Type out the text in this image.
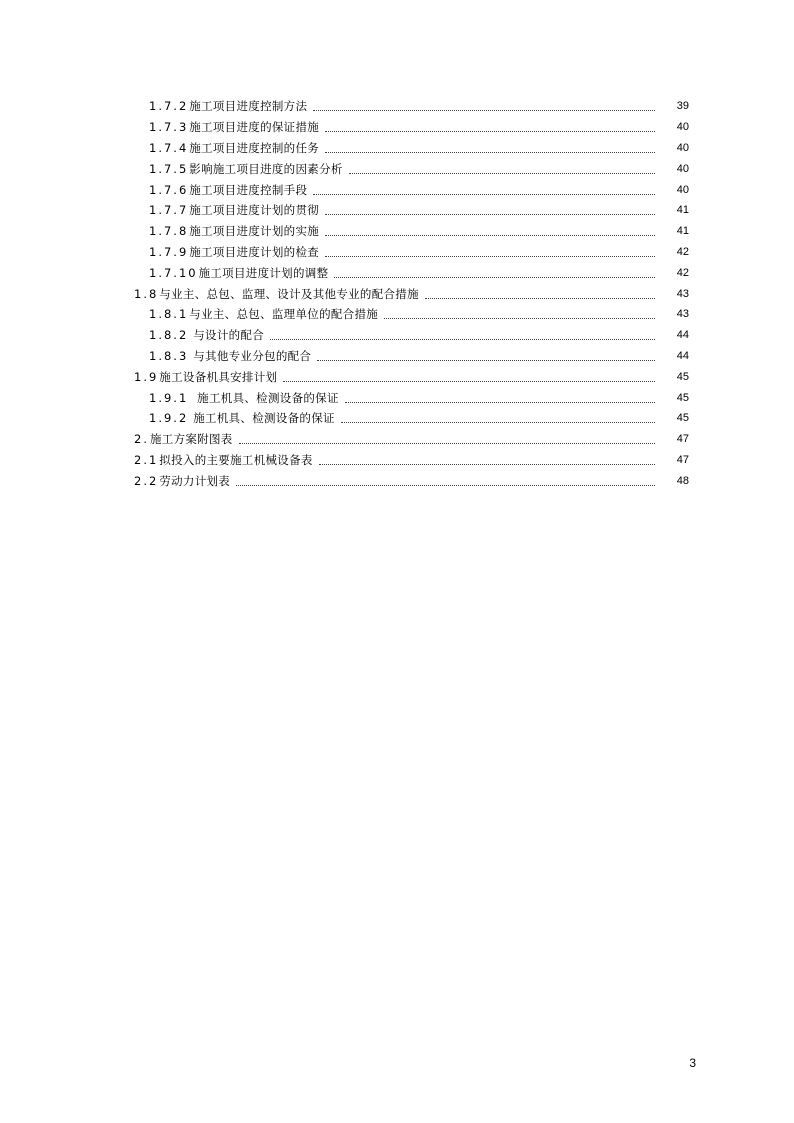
1.7.2 施工项目进度控制方法	39
1.7.3 施工项目进度的保证措施	40
1.7.4 施工项目进度控制的任务	40
1.7.5 影响施工项目进度的因素分析	40
1.7.6 施工项目进度控制手段	40
1.7.7 施工项目进度计划的贯彻	41
1.7.8 施工项目进度计划的实施	41
1.7.9 施工项目进度计划的检查	42
1.7.10 施工项目进度计划的调整	42
1.8 与业主、总包、监理、设计及其他专业的配合措施	43
1.8.1 与业主、总包、监理单位的配合措施	43
1.8.2 与设计的配合	44
1.8.3 与其他专业分包的配合	44
1.9 施工设备机具安排计划	45
1.9.1 施工机具、检测设备的保证	45
1.9.2 施工机具、检测设备的保证	45
2. 施工方案附图表	47
2.1 拟投入的主要施工机械设备表	47
2.2 劳动力计划表	48
3
